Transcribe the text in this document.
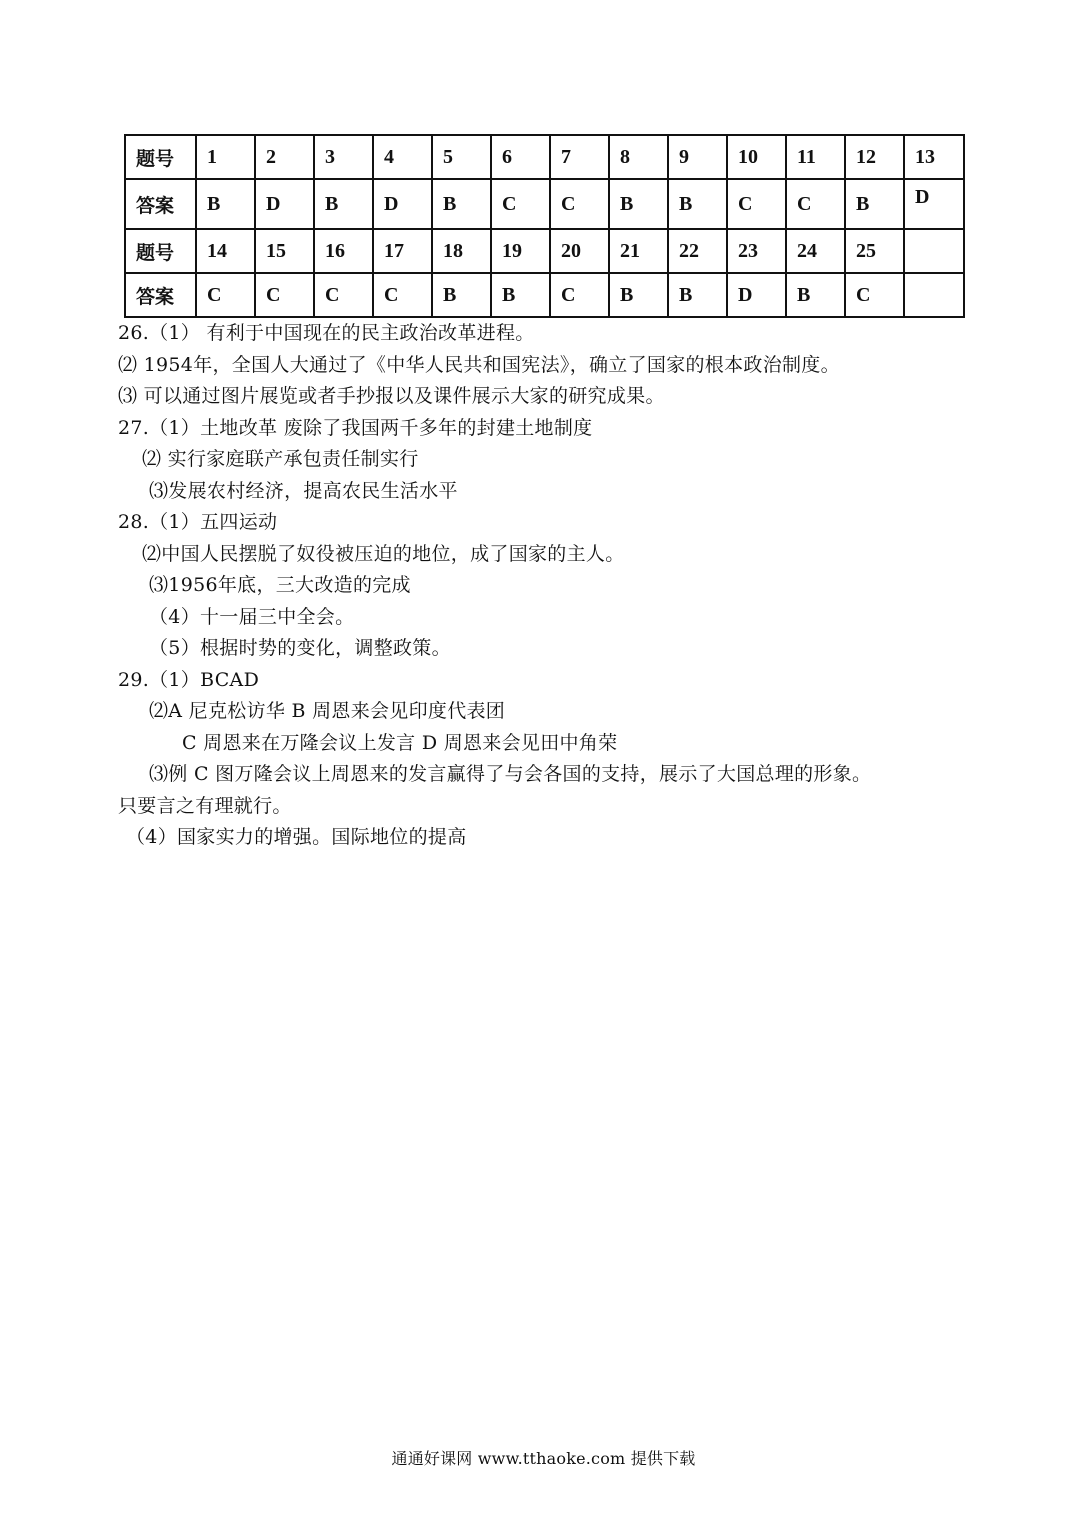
题号	1	2	3	4	5	6	7	8	9	10	11	12	13
答案	B	D	B	D	B	C	C	B	B	C	C	B	D
题号	14	15	16	17	18	19	20	21	22	23	24	25	
答案	C	C	C	C	B	B	C	B	B	D	B	C	
26.（1） 有利于中国现在的民主政治改革进程。
⑵ 1954年，全国人大通过了《中华人民共和国宪法》，确立了国家的根本政治制度。
⑶ 可以通过图片展览或者手抄报以及课件展示大家的研究成果。
27.（1）土地改革 废除了我国两千多年的封建土地制度
⑵ 实行家庭联产承包责任制实行
⑶发展农村经济，提高农民生活水平
28.（1）五四运动
⑵中国人民摆脱了奴役被压迫的地位，成了国家的主人。
⑶1956年底，三大改造的完成
（4）十一届三中全会。
（5）根据时势的变化，调整政策。
29.（1）BCAD
⑵A 尼克松访华 B 周恩来会见印度代表团
C 周恩来在万隆会议上发言 D 周恩来会见田中角荣
⑶例 C 图万隆会议上周恩来的发言赢得了与会各国的支持，展示了大国总理的形象。
只要言之有理就行。
（4）国家实力的增强。国际地位的提高
通通好课网 www.tthaoke.com 提供下载
